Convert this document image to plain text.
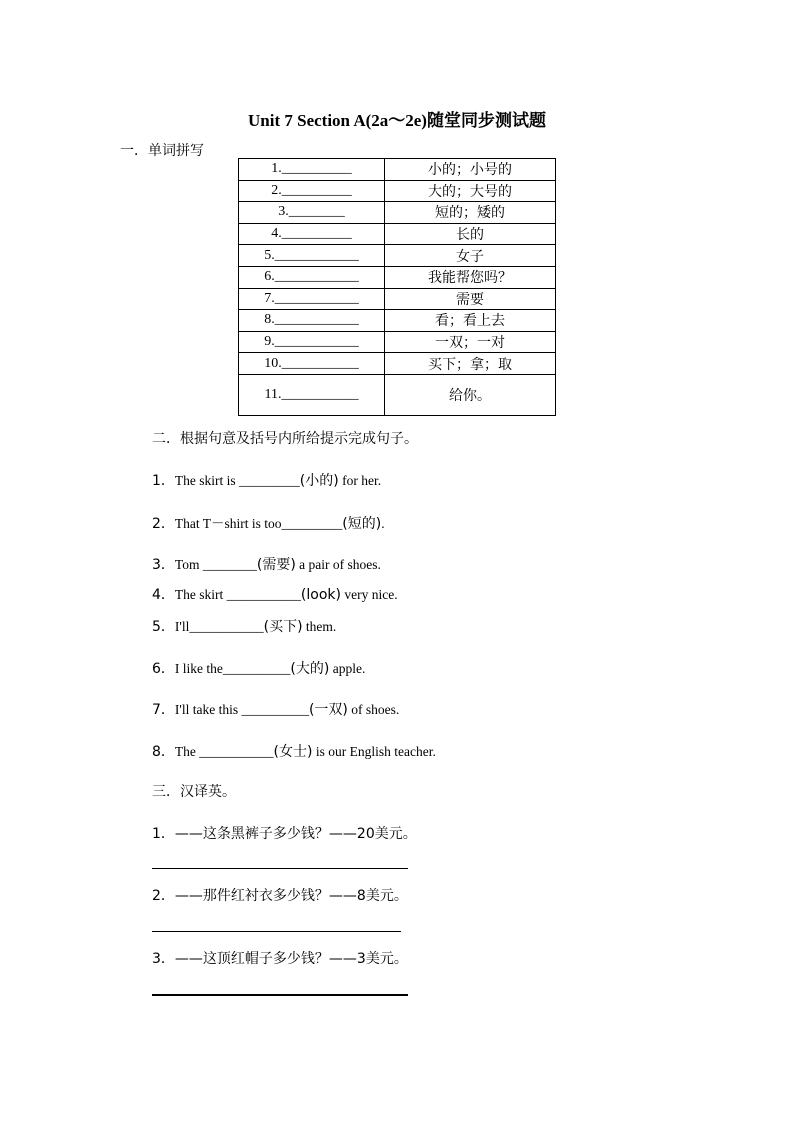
Unit 7 Section A(2a～2e)随堂同步测试题
一．单词拼写
1.__________	小的；小号的
2.__________	大的；大号的
3.________	短的；矮的
4.__________	长的
5.____________	女子
6.____________	我能帮您吗？
7.____________	需要
8.____________	看；看上去
9.____________	一双；一对
10.___________	买下；拿；取
11.___________	给你。
二．根据句意及括号内所给提示完成句子。
1．The skirt is _________(小的) for her.
2．That T－shirt is too_________(短的).
3．Tom ________(需要) a pair of shoes.
4．The skirt ___________(look) very nice.
5．I'll___________(买下) them.
6．I like the__________(大的) apple.
7．I'll take this __________(一双) of shoes.
8．The ___________(女士) is our English teacher.
三．汉译英。
1．——这条黑裤子多少钱？——20美元。
2．——那件红衬衣多少钱？——8美元。
3．——这顶红帽子多少钱？——3美元。
